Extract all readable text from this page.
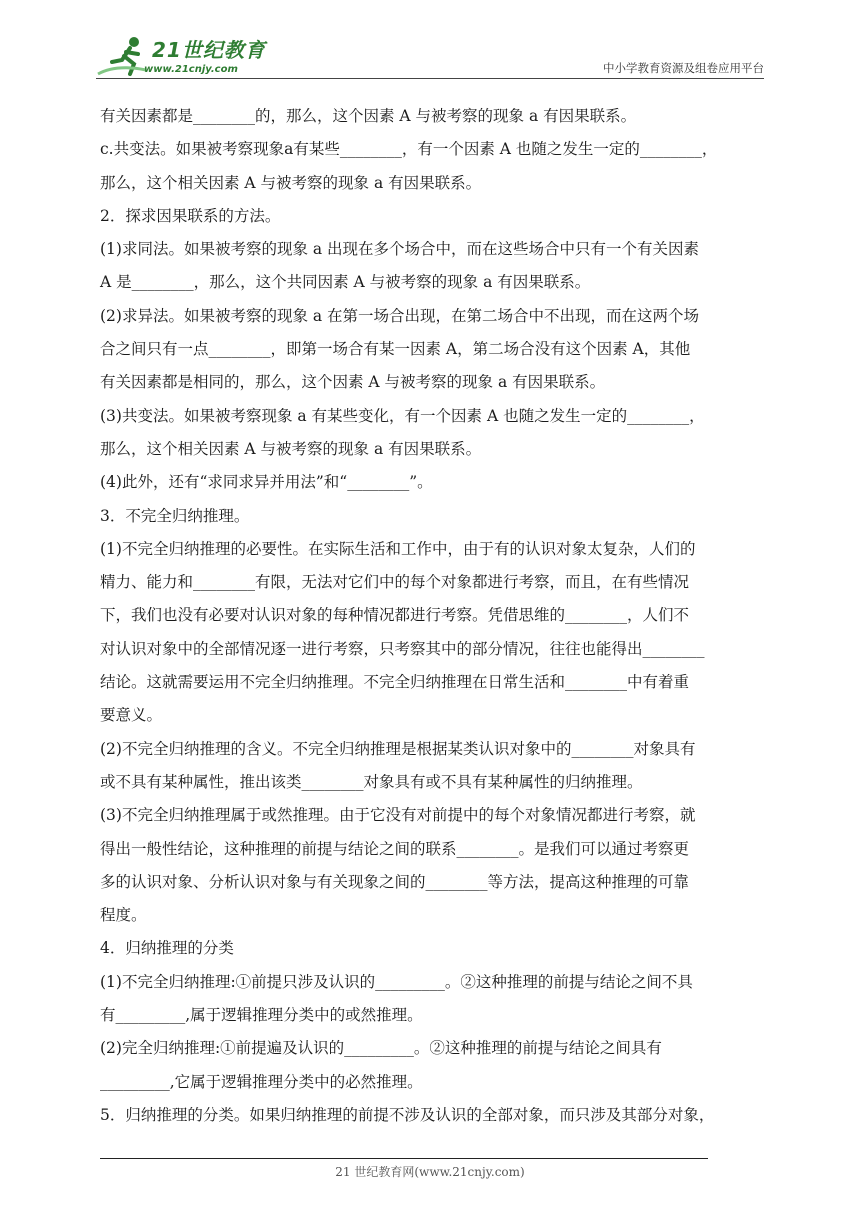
21世纪教育
www.21cnjy.com	中小学教育资源及组卷应用平台

有关因素都是________的，那么，这个因素 A 与被考察的现象 a 有因果联系。

c.共变法。如果被考察现象a有某些________，有一个因素 A 也随之发生一定的________，

那么，这个相关因素 A 与被考察的现象 a 有因果联系。

2．探求因果联系的方法。

(1)求同法。如果被考察的现象 a 出现在多个场合中，而在这些场合中只有一个有关因素

A 是________，那么，这个共同因素 A 与被考察的现象 a 有因果联系。

(2)求异法。如果被考察的现象 a 在第一场合出现，在第二场合中不出现，而在这两个场

合之间只有一点________，即第一场合有某一因素 A，第二场合没有这个因素 A，其他

有关因素都是相同的，那么，这个因素 A 与被考察的现象 a 有因果联系。

(3)共变法。如果被考察现象 a 有某些变化，有一个因素 A 也随之发生一定的________，

那么，这个相关因素 A 与被考察的现象 a 有因果联系。

(4)此外，还有“求同求异并用法”和“________”。

3．不完全归纳推理。

(1)不完全归纳推理的必要性。在实际生活和工作中，由于有的认识对象太复杂，人们的

精力、能力和________有限，无法对它们中的每个对象都进行考察，而且，在有些情况

下，我们也没有必要对认识对象的每种情况都进行考察。凭借思维的________，人们不

对认识对象中的全部情况逐一进行考察，只考察其中的部分情况，往往也能得出________

结论。这就需要运用不完全归纳推理。不完全归纳推理在日常生活和________中有着重

要意义。

(2)不完全归纳推理的含义。不完全归纳推理是根据某类认识对象中的________对象具有

或不具有某种属性，推出该类________对象具有或不具有某种属性的归纳推理。

(3)不完全归纳推理属于或然推理。由于它没有对前提中的每个对象情况都进行考察，就

得出一般性结论，这种推理的前提与结论之间的联系________。是我们可以通过考察更

多的认识对象、分析认识对象与有关现象之间的________等方法，提高这种推理的可靠

程度。

4．归纳推理的分类

(1)不完全归纳推理:①前提只涉及认识的_________。②这种推理的前提与结论之间不具

有_________,属于逻辑推理分类中的或然推理。

(2)完全归纳推理:①前提遍及认识的_________。②这种推理的前提与结论之间具有

_________,它属于逻辑推理分类中的必然推理。

5．归纳推理的分类。如果归纳推理的前提不涉及认识的全部对象，而只涉及其部分对象，

21 世纪教育网(www.21cnjy.com)
